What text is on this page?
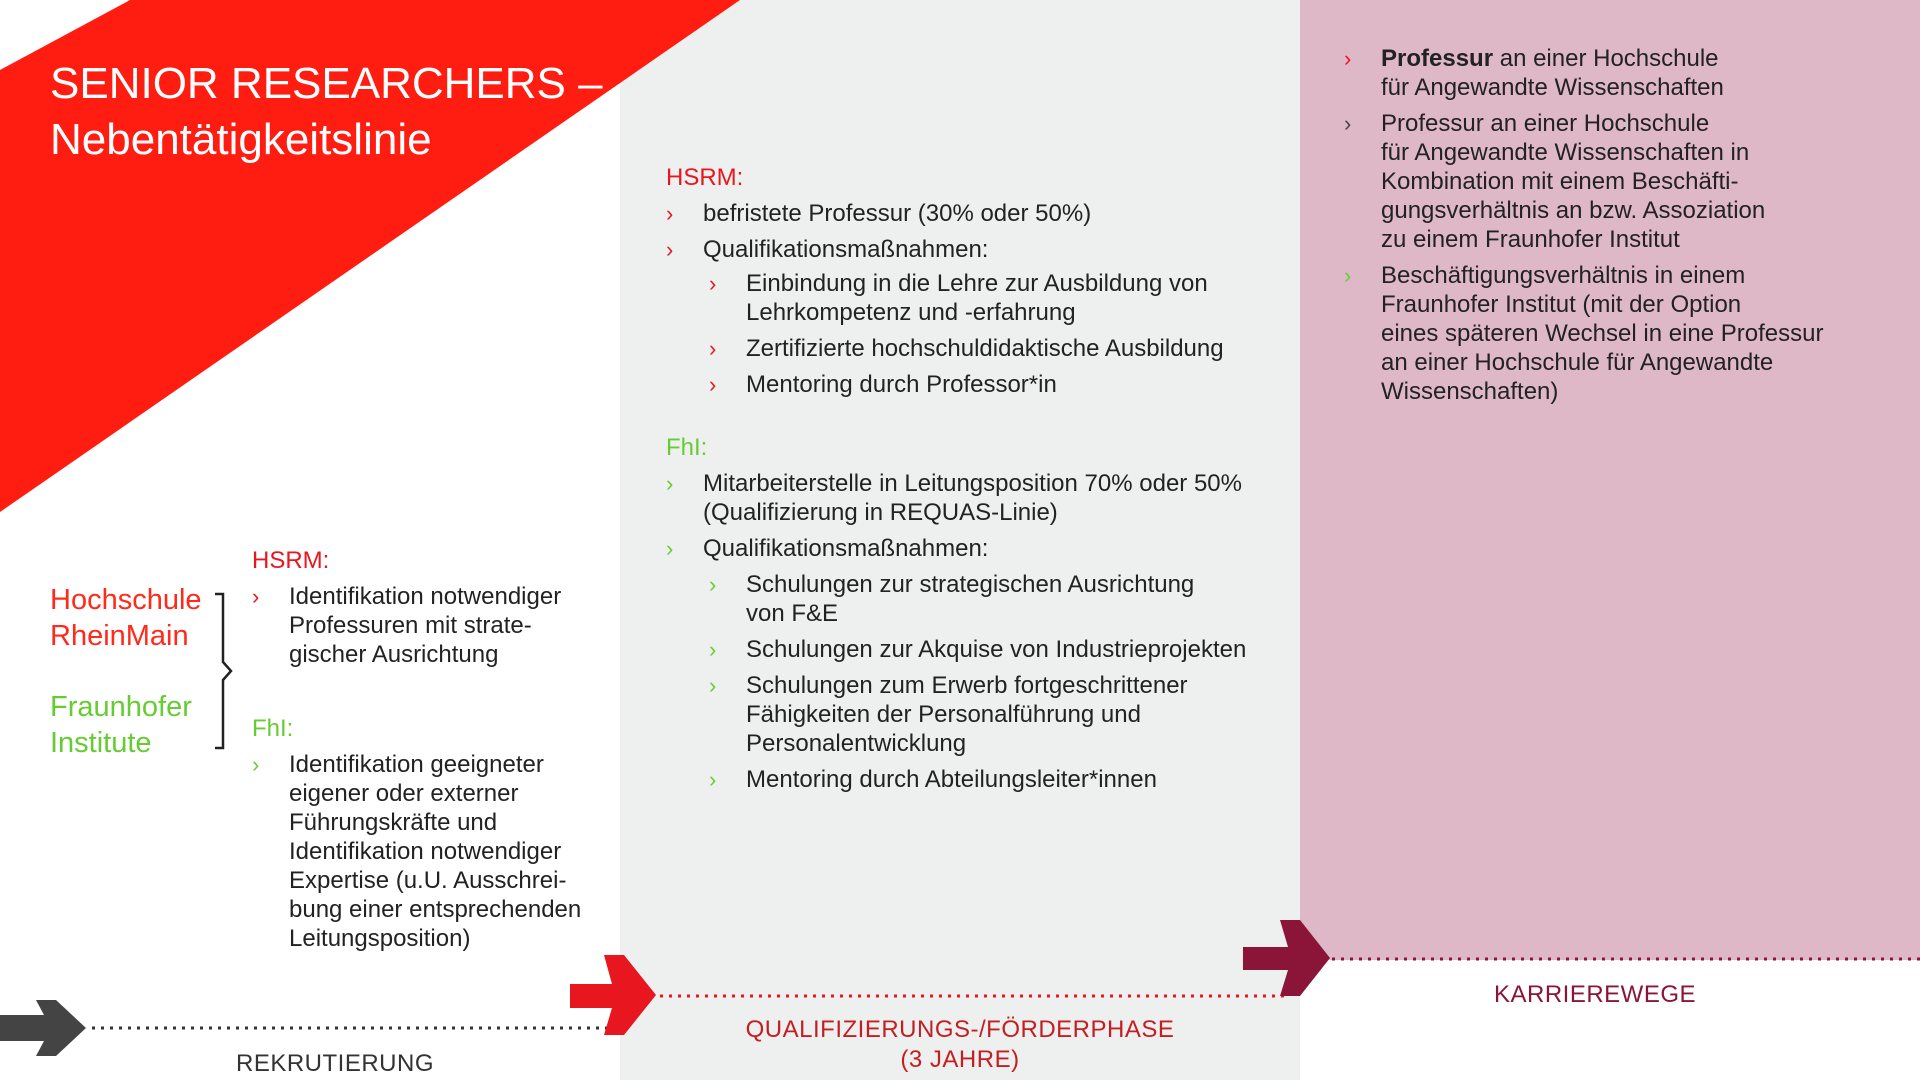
SENIOR RESEARCHERS –
Nebentätigkeitslinie
Hochschule
RheinMain
Fraunhofer
Institute
HSRM:
› Identifikation notwendiger
Professuren mit strate-
gischer Ausrichtung
FhI:
› Identifikation geeigneter
eigener oder externer
Führungskräfte und
Identifikation notwendiger
Expertise (u.U. Ausschrei-
bung einer entsprechenden
Leitungsposition)
HSRM:
› befristete Professur (30% oder 50%)
› Qualifikationsmaßnahmen:
› Einbindung in die Lehre zur Ausbildung von
Lehrkompetenz und -erfahrung
› Zertifizierte hochschuldidaktische Ausbildung
› Mentoring durch Professor*in
FhI:
› Mitarbeiterstelle in Leitungsposition 70% oder 50%
(Qualifizierung in REQUAS-Linie)
› Qualifikationsmaßnahmen:
› Schulungen zur strategischen Ausrichtung
von F&E
› Schulungen zur Akquise von Industrieprojekten
› Schulungen zum Erwerb fortgeschrittener
Fähigkeiten der Personalführung und
Personalentwicklung
› Mentoring durch Abteilungsleiter*innen
› Professur an einer Hochschule
für Angewandte Wissenschaften
› Professur an einer Hochschule
für Angewandte Wissenschaften in
Kombination mit einem Beschäfti-
gungsverhältnis an bzw. Assoziation
zu einem Fraunhofer Institut
› Beschäftigungsverhältnis in einem
Fraunhofer Institut (mit der Option
eines späteren Wechsel in eine Professur
an einer Hochschule für Angewandte
Wissenschaften)
REKRUTIERUNG
QUALIFIZIERUNGS-/FÖRDERPHASE
(3 JAHRE)
KARRIEREWEGE
